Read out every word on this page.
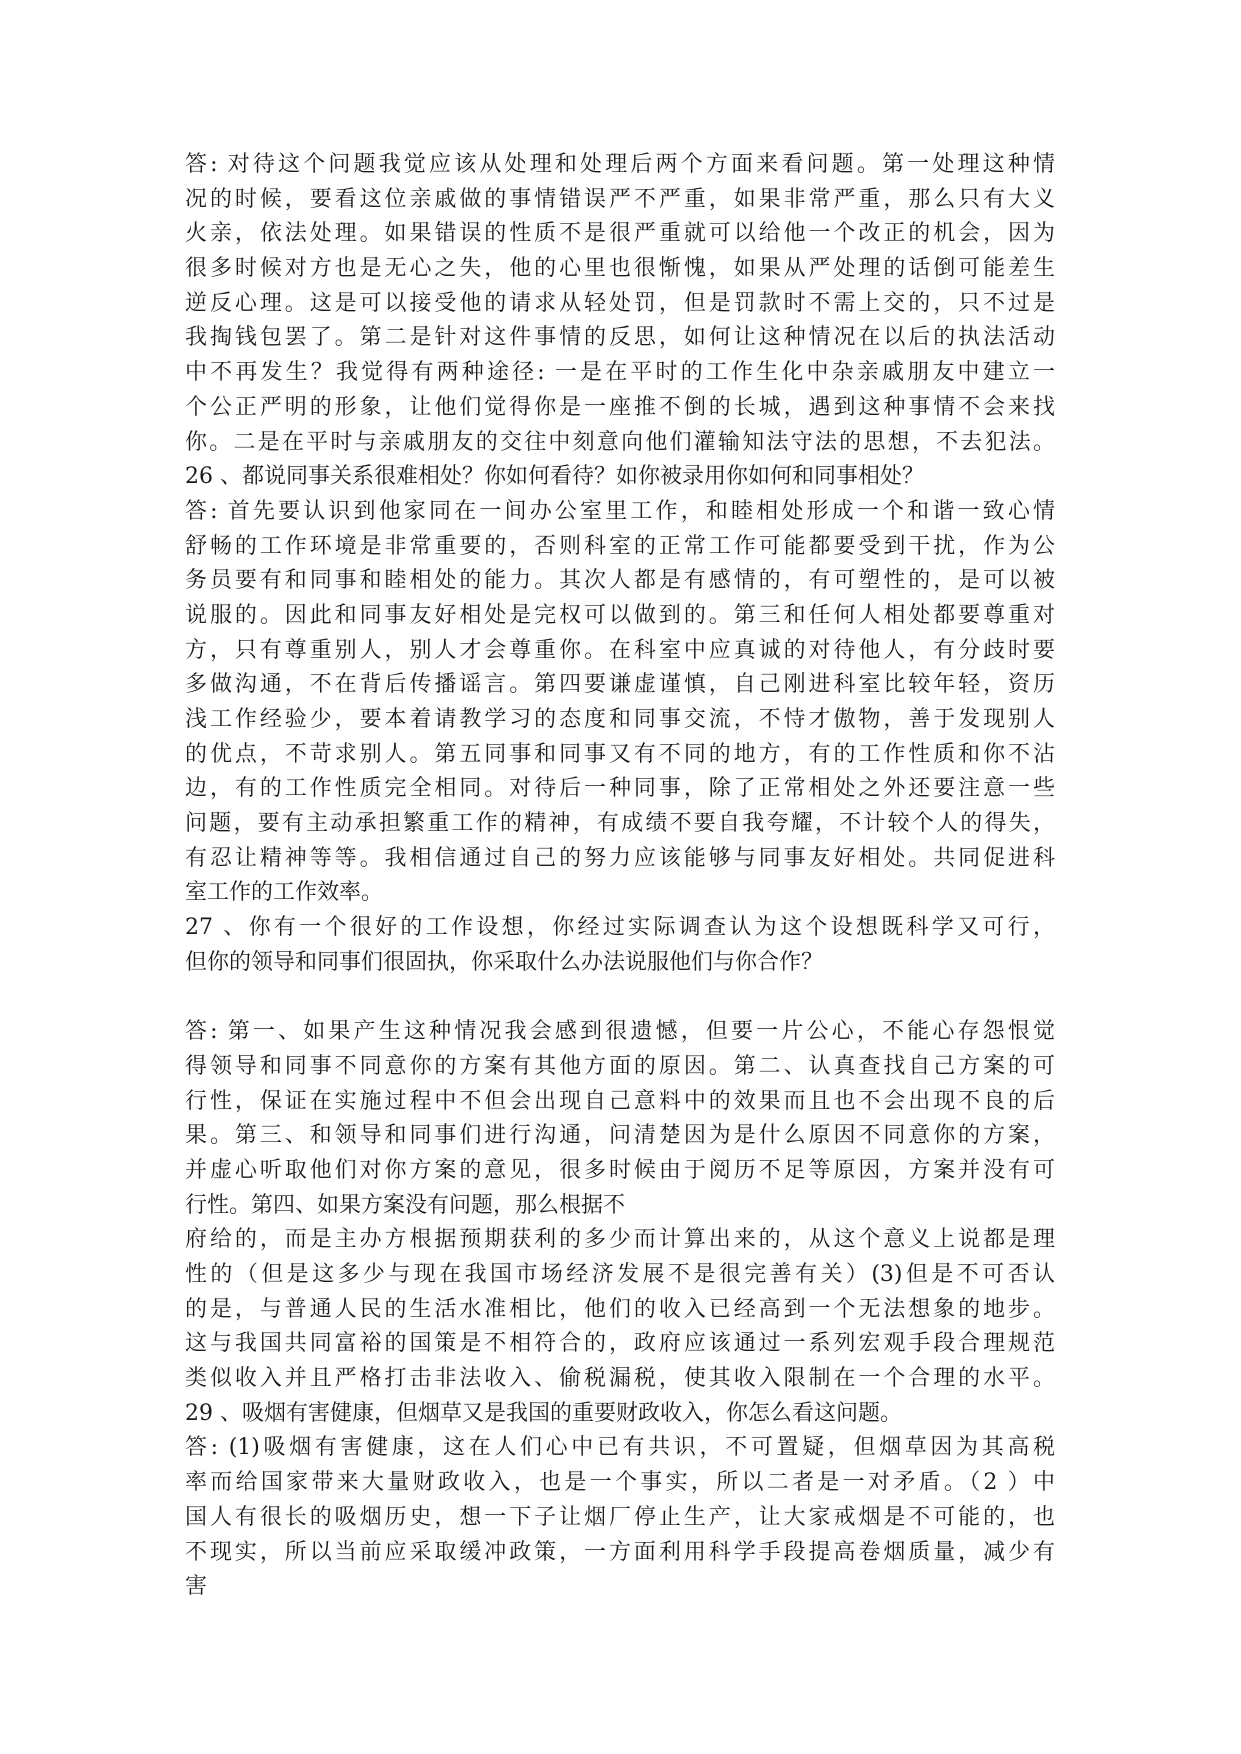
答: 对待这个问题我觉应该从处理和处理后两个方面来看问题。第一处理这种情
况的时候，要看这位亲戚做的事情错误严不严重，如果非常严重，那么只有大义
火亲，依法处理。如果错误的性质不是很严重就可以给他一个改正的机会，因为
很多时候对方也是无心之失，他的心里也很惭愧，如果从严处理的话倒可能差生
逆反心理。这是可以接受他的请求从轻处罚，但是罚款时不需上交的，只不过是
我掏钱包罢了。第二是针对这件事情的反思，如何让这种情况在以后的执法活动
中不再发生？我觉得有两种途径: 一是在平时的工作生化中杂亲戚朋友中建立一
个公正严明的形象，让他们觉得你是一座推不倒的长城，遇到这种事情不会来找
你。二是在平时与亲戚朋友的交往中刻意向他们灌输知法守法的思想，不去犯法。
26 、都说同事关系很难相处？你如何看待？如你被录用你如何和同事相处？
答: 首先要认识到他家同在一间办公室里工作，和睦相处形成一个和谐一致心情
舒畅的工作环境是非常重要的，否则科室的正常工作可能都要受到干扰，作为公
务员要有和同事和睦相处的能力。其次人都是有感情的，有可塑性的，是可以被
说服的。因此和同事友好相处是完权可以做到的。第三和任何人相处都要尊重对
方，只有尊重别人，别人才会尊重你。在科室中应真诚的对待他人，有分歧时要
多做沟通，不在背后传播谣言。第四要谦虚谨慎，自己刚进科室比较年轻，资历
浅工作经验少，要本着请教学习的态度和同事交流，不恃才傲物，善于发现别人
的优点，不苛求别人。第五同事和同事又有不同的地方，有的工作性质和你不沾
边，有的工作性质完全相同。对待后一种同事，除了正常相处之外还要注意一些
问题，要有主动承担繁重工作的精神，有成绩不要自我夸耀，不计较个人的得失，
有忍让精神等等。我相信通过自己的努力应该能够与同事友好相处。共同促进科
室工作的工作效率。
27 、你有一个很好的工作设想，你经过实际调查认为这个设想既科学又可行，
但你的领导和同事们很固执，你采取什么办法说服他们与你合作？
答: 第一、如果产生这种情况我会感到很遗憾，但要一片公心，不能心存怨恨觉
得领导和同事不同意你的方案有其他方面的原因。第二、认真查找自己方案的可
行性，保证在实施过程中不但会出现自己意料中的效果而且也不会出现不良的后
果。第三、和领导和同事们进行沟通，问清楚因为是什么原因不同意你的方案，
并虚心听取他们对你方案的意见，很多时候由于阅历不足等原因，方案并没有可
行性。第四、如果方案没有问题，那么根据不
府给的，而是主办方根据预期获利的多少而计算出来的，从这个意义上说都是理
性的（但是这多少与现在我国市场经济发展不是很完善有关）(3)但是不可否认
的是，与普通人民的生活水准相比，他们的收入已经高到一个无法想象的地步。
这与我国共同富裕的国策是不相符合的，政府应该通过一系列宏观手段合理规范
类似收入并且严格打击非法收入、偷税漏税，使其收入限制在一个合理的水平。
29 、吸烟有害健康，但烟草又是我国的重要财政收入，你怎么看这问题。
答: (1)吸烟有害健康，这在人们心中已有共识，不可置疑，但烟草因为其高税
率而给国家带来大量财政收入，也是一个事实，所以二者是一对矛盾。（2 ）中
国人有很长的吸烟历史，想一下子让烟厂停止生产，让大家戒烟是不可能的，也
不现实，所以当前应采取缓冲政策，一方面利用科学手段提高卷烟质量，减少有
害
